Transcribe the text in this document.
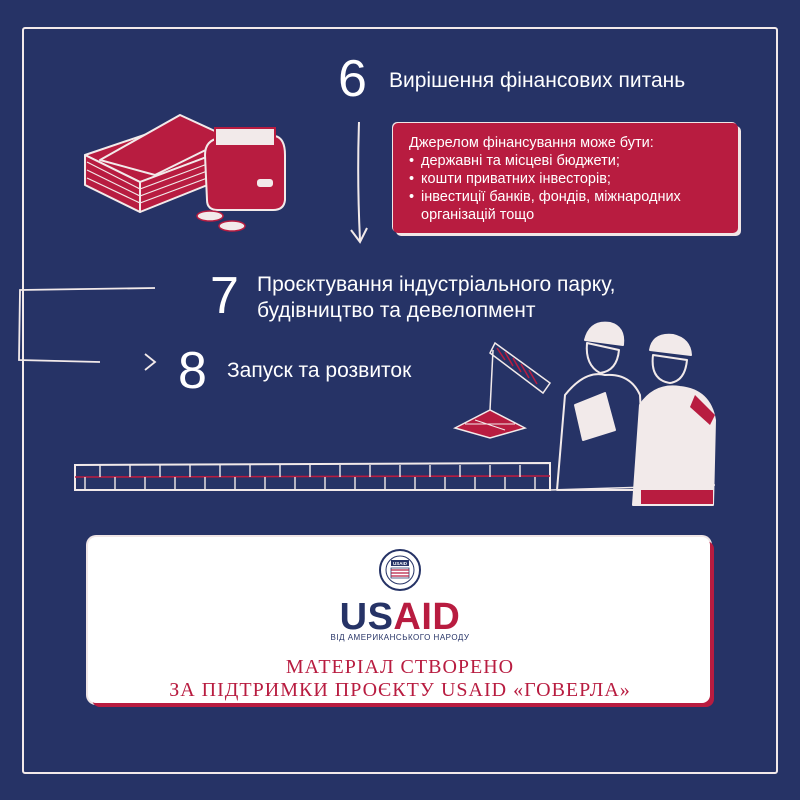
6 Вирішення фінансових питань
Джерелом фінансування може бути:
• державні та місцеві бюджети;
• кошти приватних інвесторів;
• інвестиції банків, фондів, міжнародних організацій тощо
7 Проєктування індустріального парку,
будівництво та девелопмент
8 Запуск та розвиток
USAID
USAID
ВІД АМЕРИКАНСЬКОГО НАРОДУ
МАТЕРІАЛ СТВОРЕНО
ЗА ПІДТРИМКИ ПРОЄКТУ USAID «ГОВЕРЛА»
